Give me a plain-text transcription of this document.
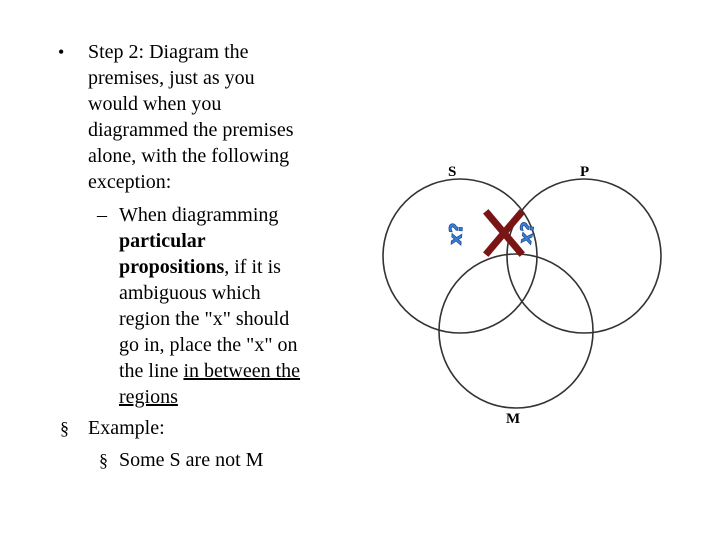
• Step 2: Diagram the
premises, just as you
would when you
diagrammed the premises
alone, with the following
exception:
– When diagramming
particular
propositions, if it is
ambiguous which
region the "x" should
go in, place the "x" on
the line in between the
regions
§ Example:
§ Some S are not M
S	P
M
x?	x?
